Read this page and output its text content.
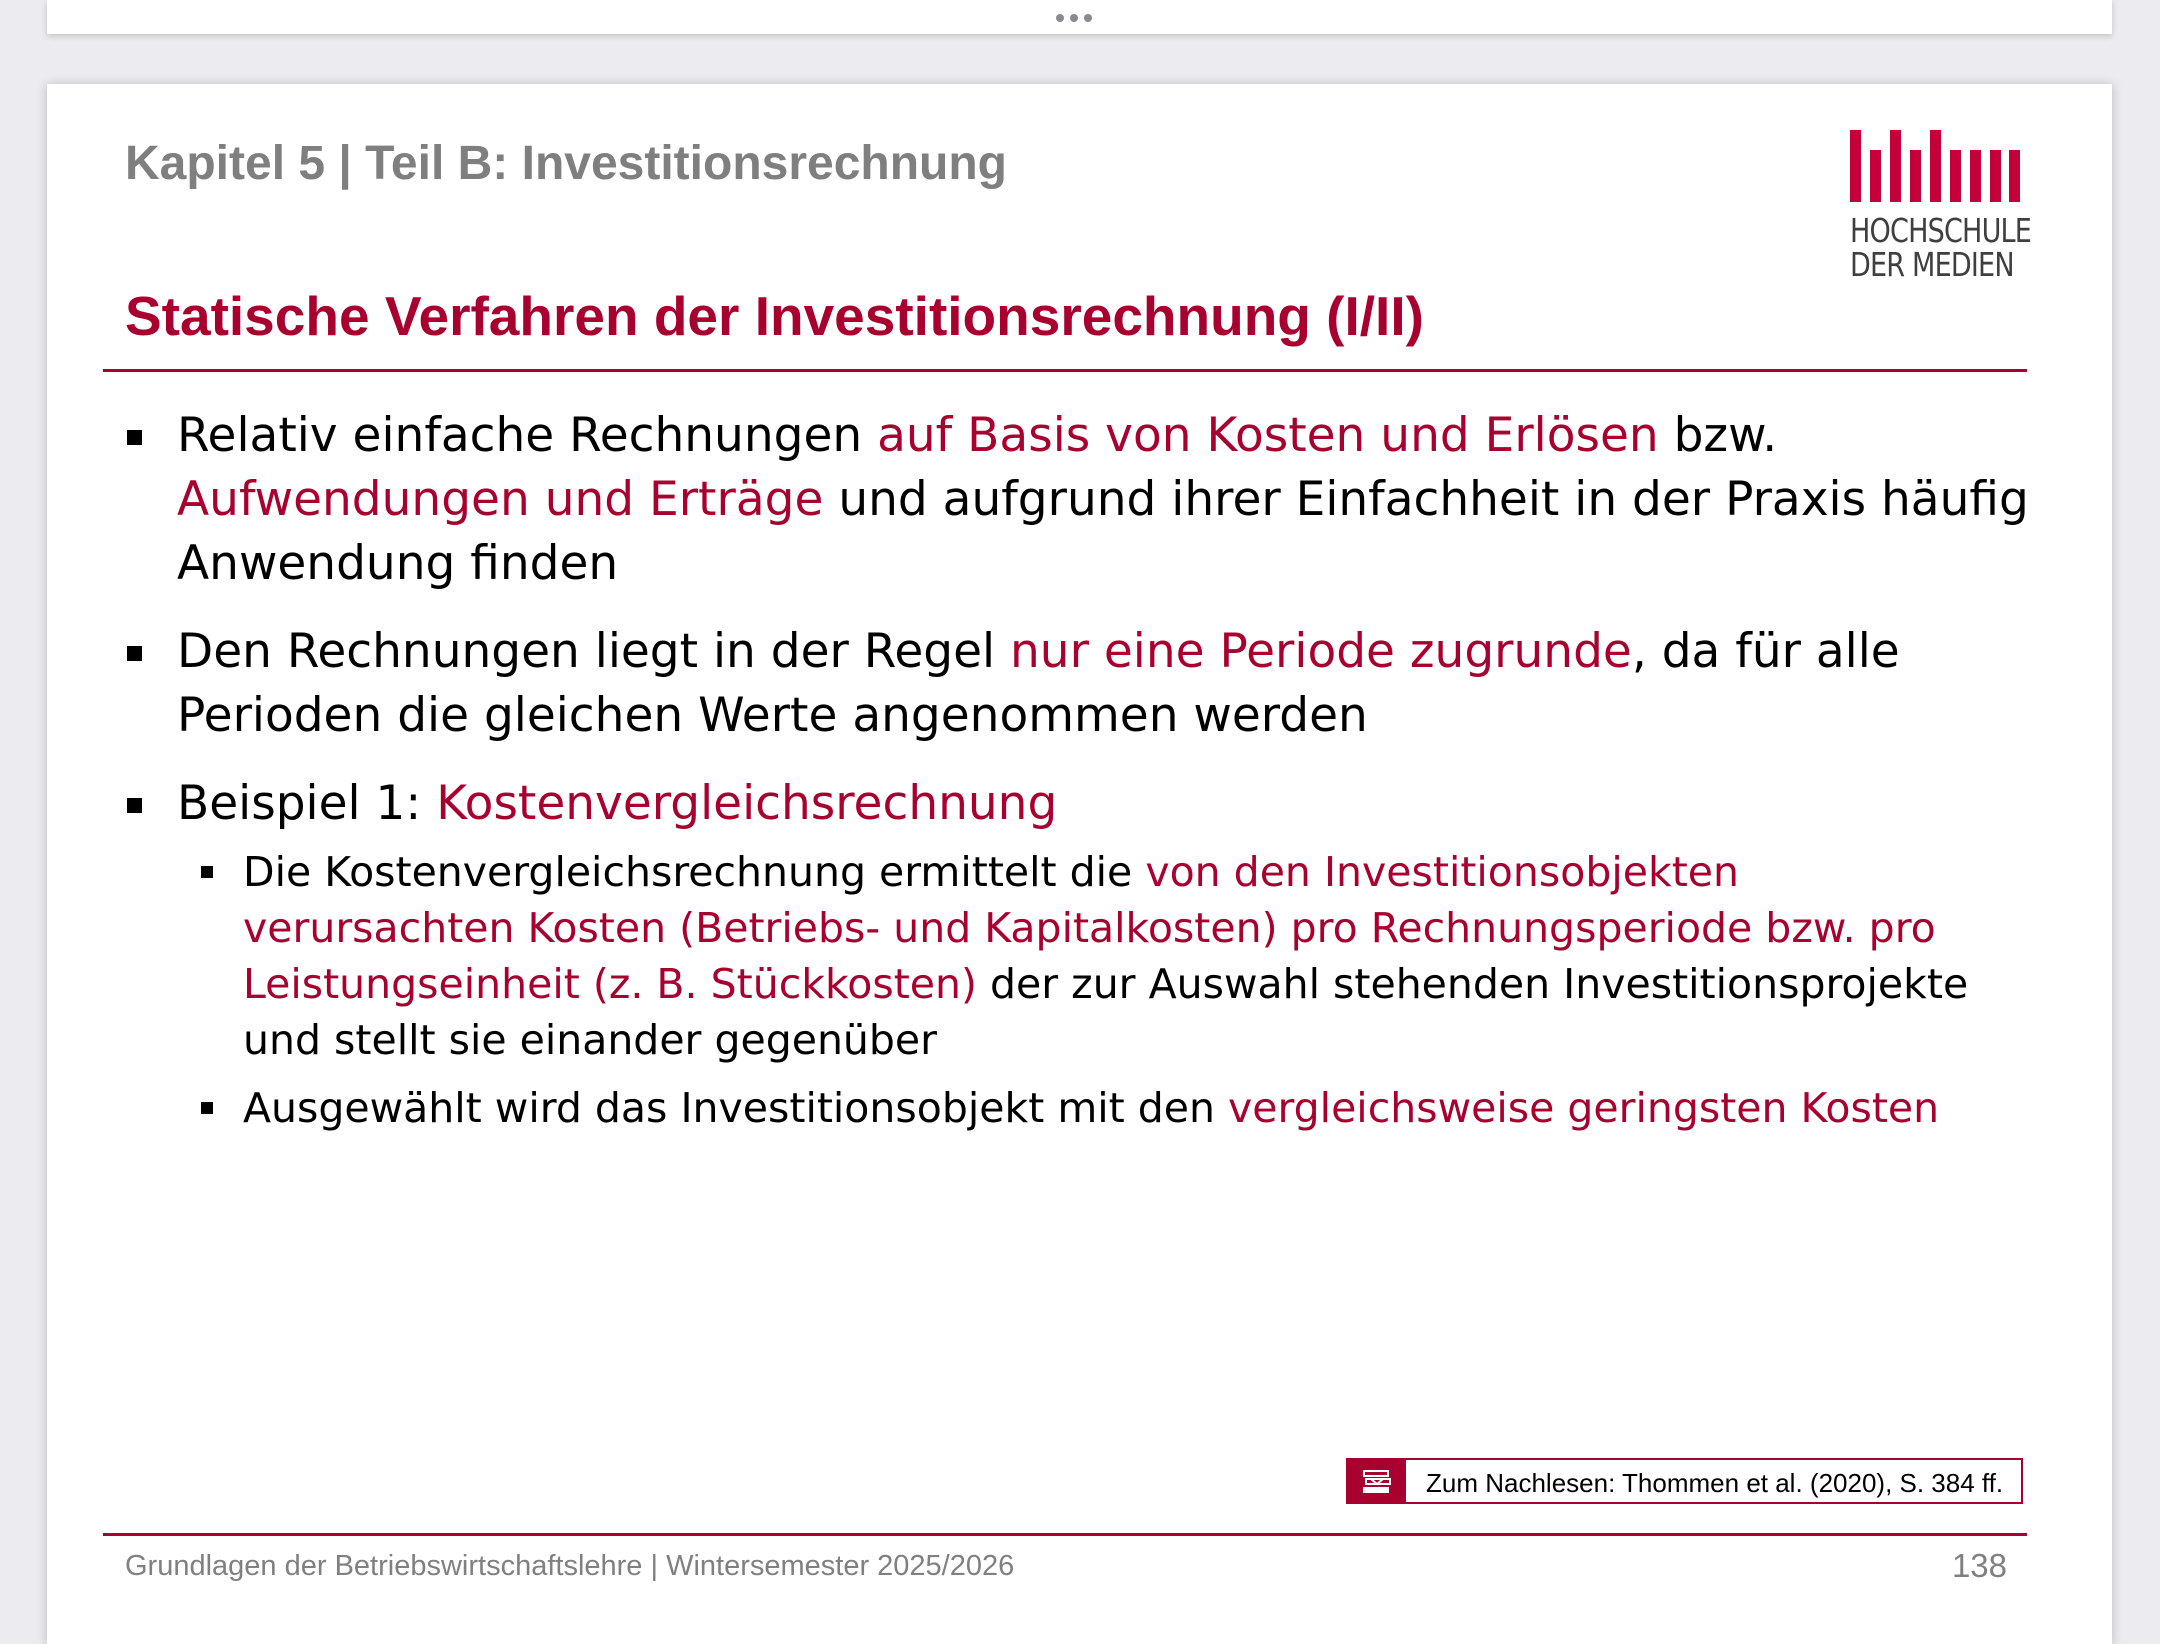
Kapitel 5 | Teil B: Investitionsrechnung
HOCHSCHULE
DER MEDIEN
Statische Verfahren der Investitionsrechnung (I/II)
Relativ einfache Rechnungen auf Basis von Kosten und Erlösen bzw.
Aufwendungen und Erträge und aufgrund ihrer Einfachheit in der Praxis häufig
Anwendung finden
Den Rechnungen liegt in der Regel nur eine Periode zugrunde, da für alle
Perioden die gleichen Werte angenommen werden
Beispiel 1: Kostenvergleichsrechnung
Die Kostenvergleichsrechnung ermittelt die von den Investitionsobjekten
verursachten Kosten (Betriebs- und Kapitalkosten) pro Rechnungsperiode bzw. pro
Leistungseinheit (z. B. Stückkosten) der zur Auswahl stehenden Investitionsprojekte
und stellt sie einander gegenüber
Ausgewählt wird das Investitionsobjekt mit den vergleichsweise geringsten Kosten
Zum Nachlesen: Thommen et al. (2020), S. 384 ff.
Grundlagen der Betriebswirtschaftslehre | Wintersemester 2025/2026	138
